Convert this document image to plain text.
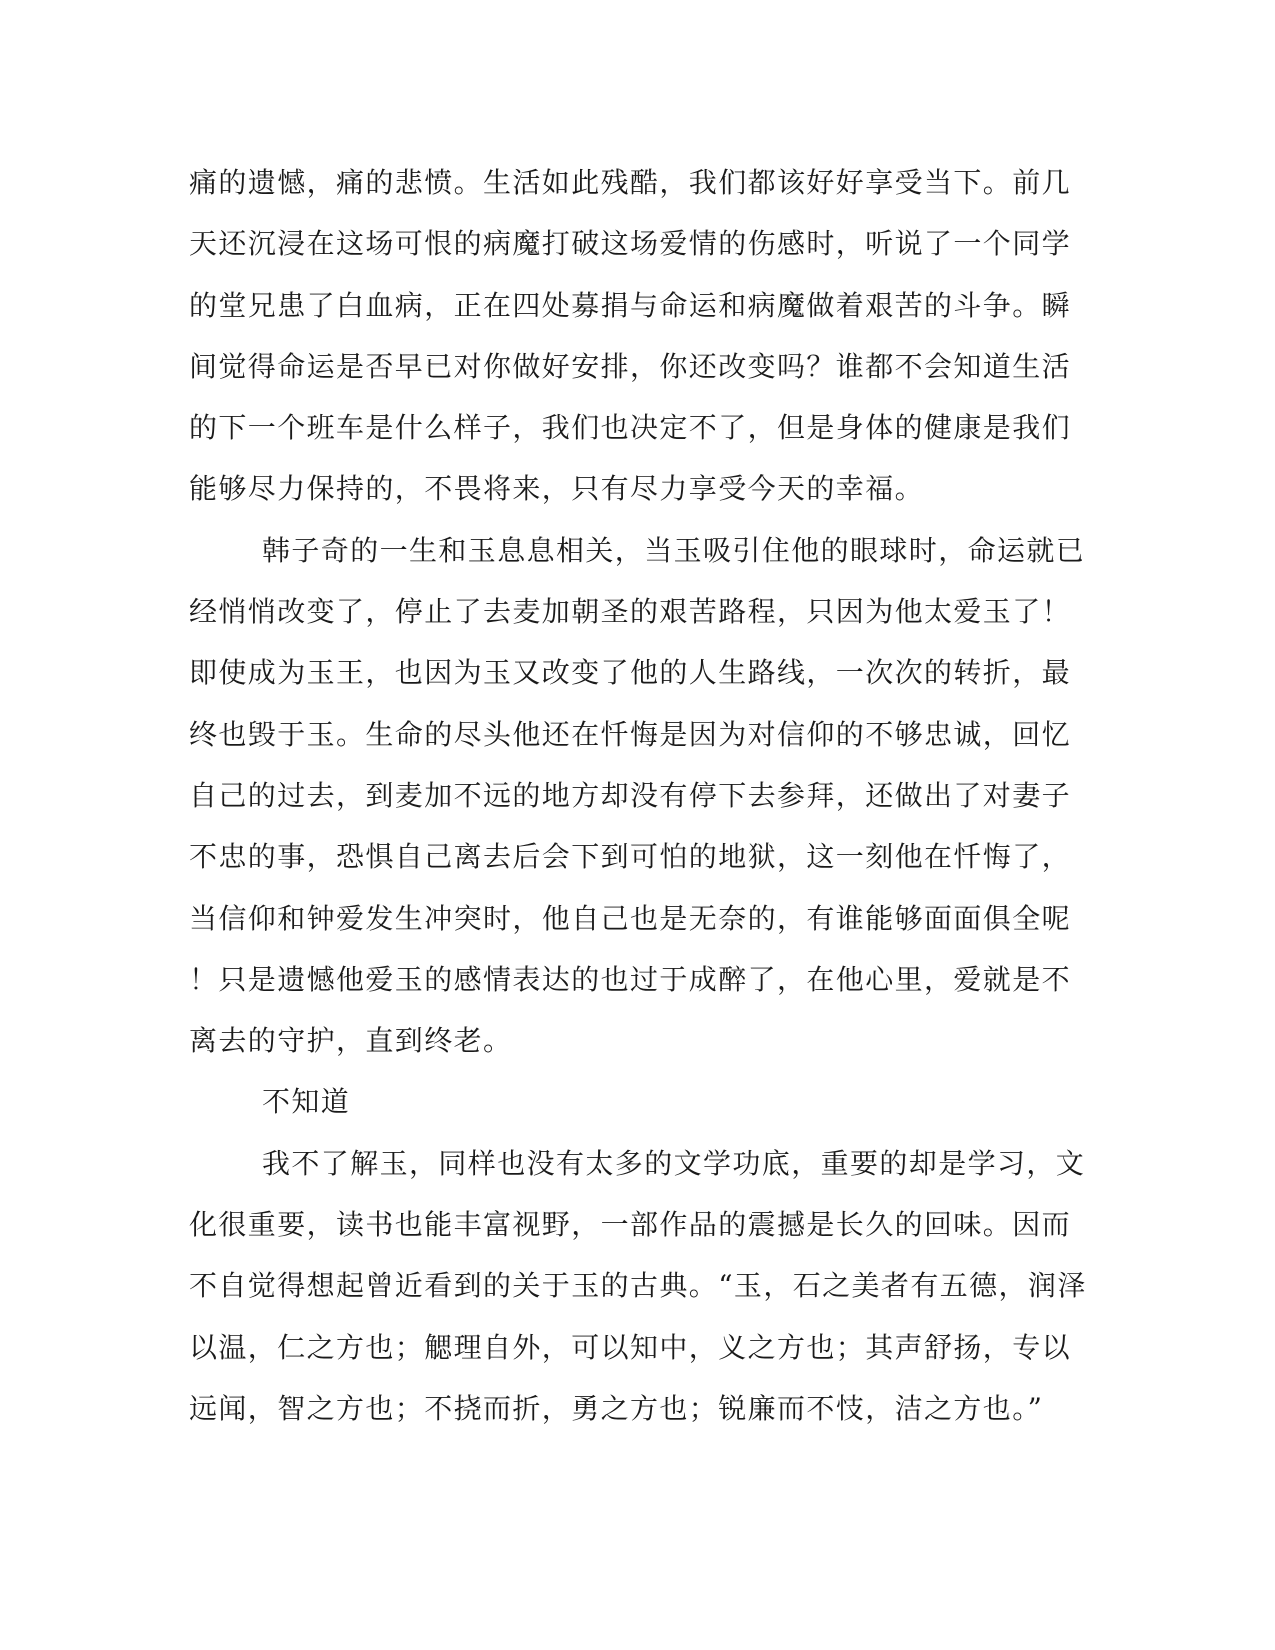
痛的遗憾，痛的悲愤。生活如此残酷，我们都该好好享受当下。前几
天还沉浸在这场可恨的病魔打破这场爱情的伤感时，听说了一个同学
的堂兄患了白血病，正在四处募捐与命运和病魔做着艰苦的斗争。瞬
间觉得命运是否早已对你做好安排，你还改变吗？谁都不会知道生活
的下一个班车是什么样子，我们也决定不了，但是身体的健康是我们
能够尽力保持的，不畏将来，只有尽力享受今天的幸福。
韩子奇的一生和玉息息相关，当玉吸引住他的眼球时，命运就已
经悄悄改变了，停止了去麦加朝圣的艰苦路程，只因为他太爱玉了！
即使成为玉王，也因为玉又改变了他的人生路线，一次次的转折，最
终也毁于玉。生命的尽头他还在忏悔是因为对信仰的不够忠诚，回忆
自己的过去，到麦加不远的地方却没有停下去参拜，还做出了对妻子
不忠的事，恐惧自己离去后会下到可怕的地狱，这一刻他在忏悔了，
当信仰和钟爱发生冲突时，他自己也是无奈的，有谁能够面面俱全呢
！只是遗憾他爱玉的感情表达的也过于成醉了，在他心里，爱就是不
离去的守护，直到终老。
不知道
我不了解玉，同样也没有太多的文学功底，重要的却是学习，文
化很重要，读书也能丰富视野，一部作品的震撼是长久的回味。因而
不自觉得想起曾近看到的关于玉的古典。“玉，石之美者有五德，润泽
以温，仁之方也；䚡理自外，可以知中，义之方也；其声舒扬，专以
远闻，智之方也；不挠而折，勇之方也；锐廉而不忮，洁之方也。”
